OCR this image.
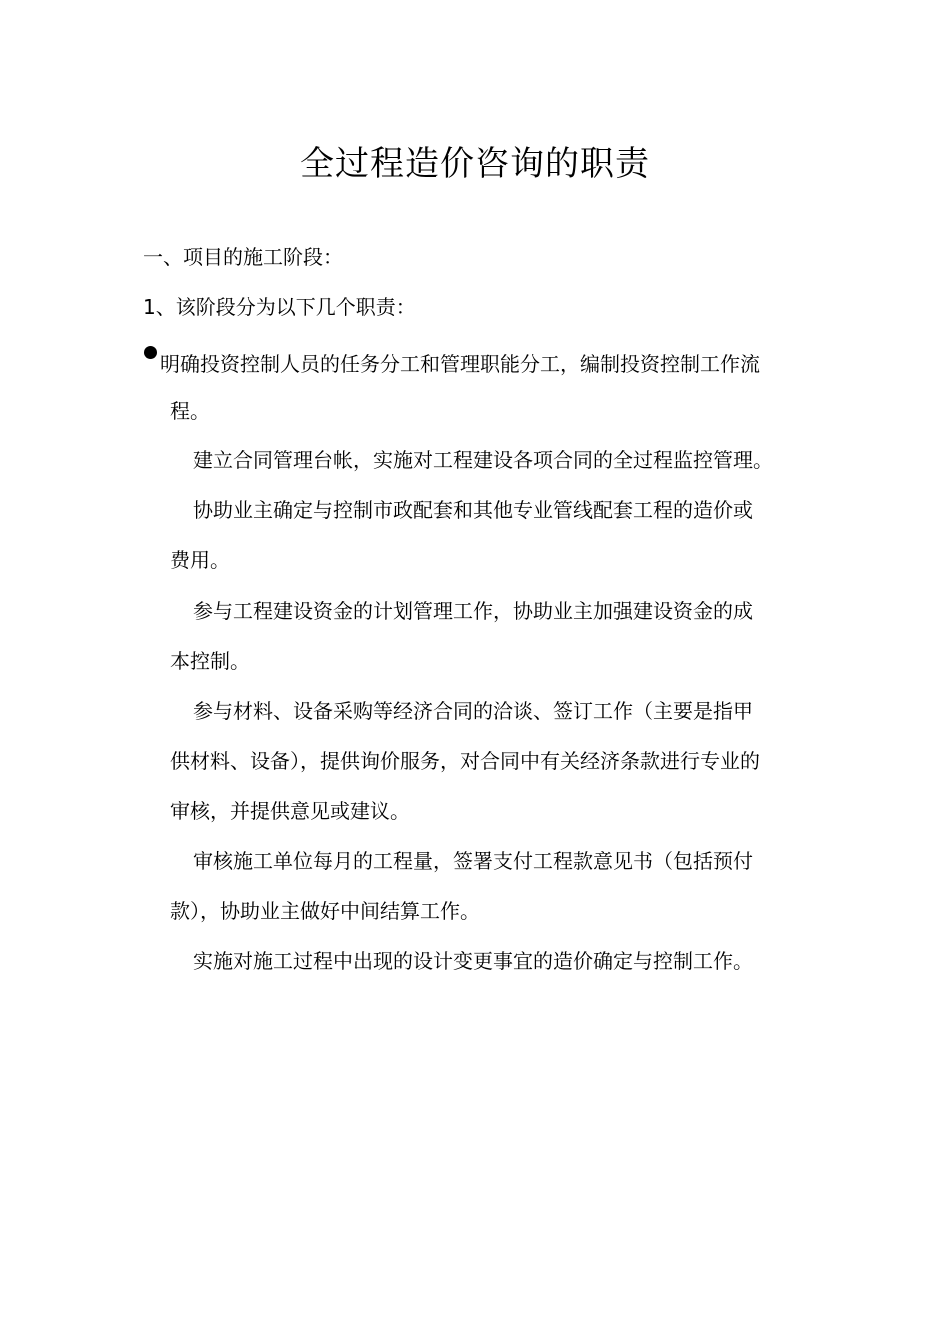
全过程造价咨询的职责
一、项目的施工阶段：
1、该阶段分为以下几个职责：
明确投资控制人员的任务分工和管理职能分工，编制投资控制工作流
程。
建立合同管理台帐，实施对工程建设各项合同的全过程监控管理。
协助业主确定与控制市政配套和其他专业管线配套工程的造价或
费用。
参与工程建设资金的计划管理工作，协助业主加强建设资金的成
本控制。
参与材料、设备采购等经济合同的洽谈、签订工作（主要是指甲
供材料、设备），提供询价服务，对合同中有关经济条款进行专业的
审核，并提供意见或建议。
审核施工单位每月的工程量，签署支付工程款意见书（包括预付
款），协助业主做好中间结算工作。
实施对施工过程中出现的设计变更事宜的造价确定与控制工作。
